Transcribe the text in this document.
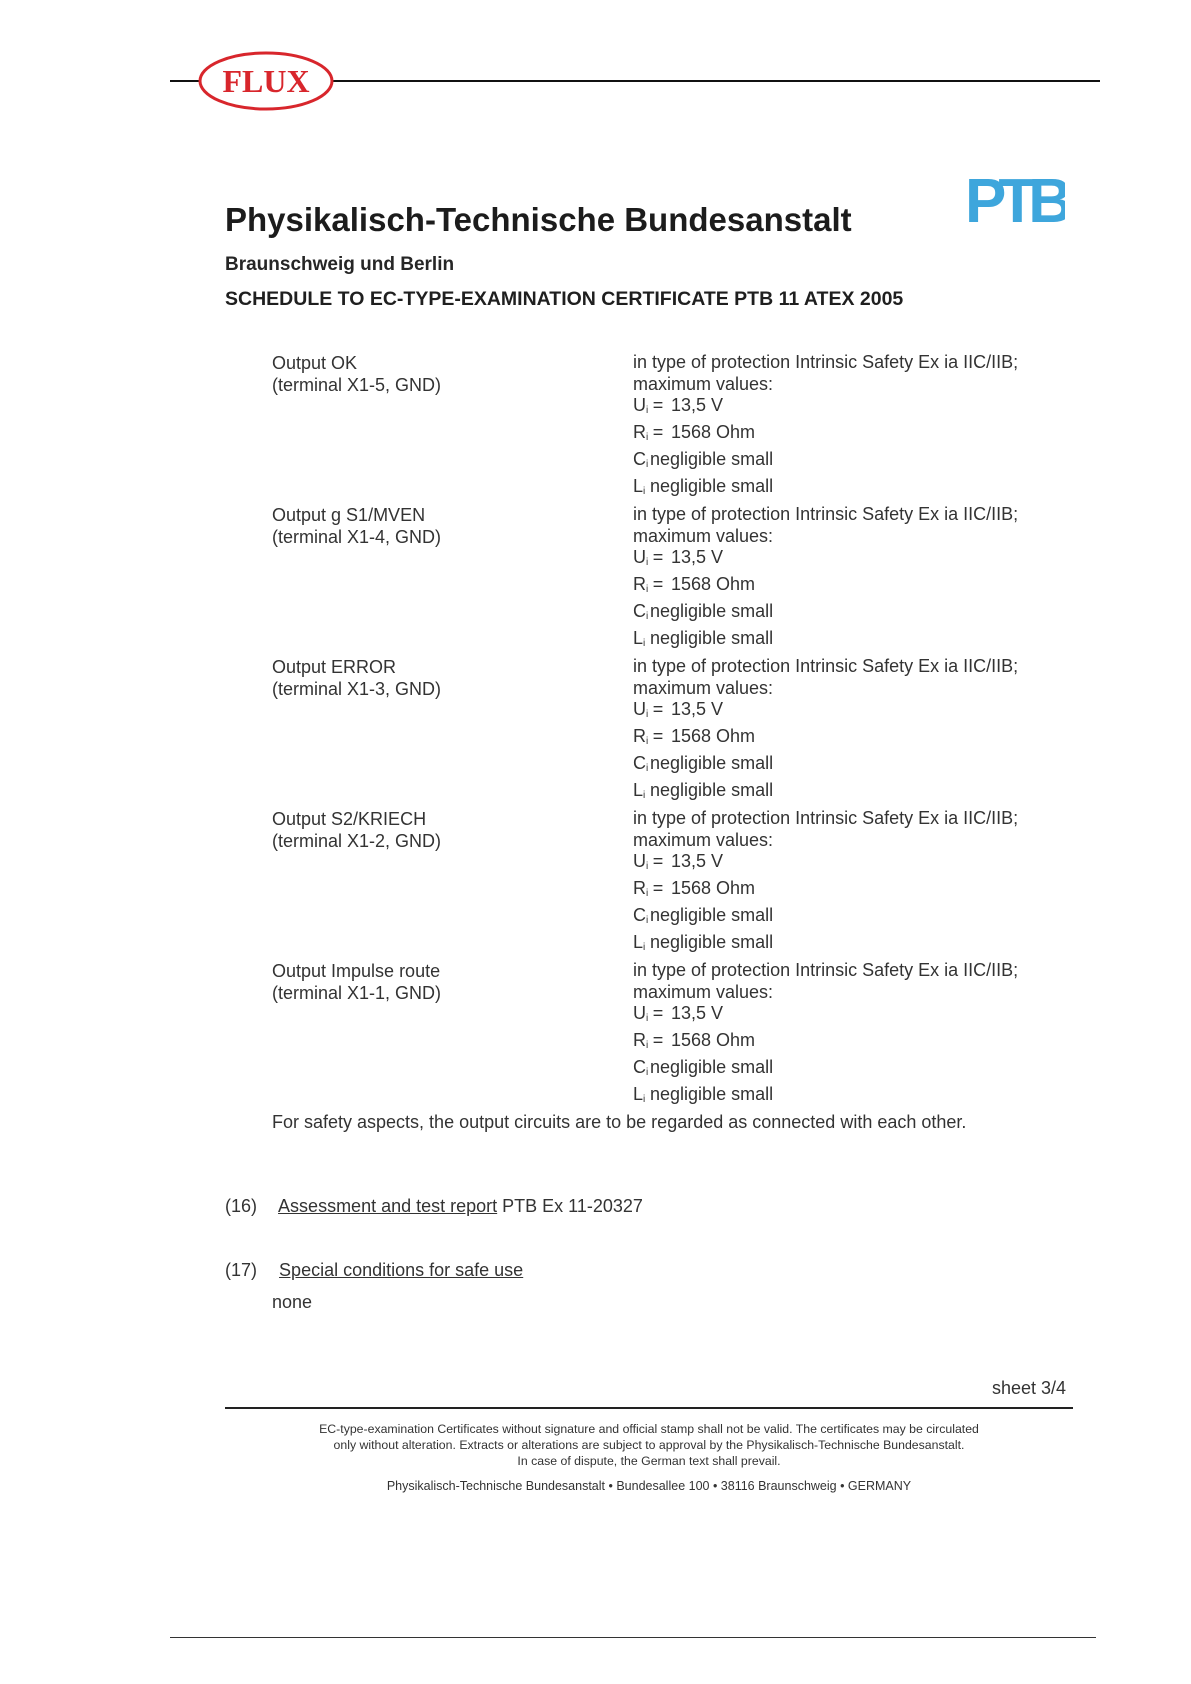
FLUX
Physikalisch-Technische Bundesanstalt
Braunschweig und Berlin
SCHEDULE TO EC-TYPE-EXAMINATION CERTIFICATE PTB 11 ATEX 2005
PTB
Output OK
(terminal X1-5, GND)
in type of protection Intrinsic Safety Ex ia IIC/IIB;
maximum values:
$U_i = 13,5$ V
$R_i = 1568$ Ohm
$C_i$ negligible small
$L_i$ negligible small
Output g S1/MVEN
(terminal X1-4, GND)
in type of protection Intrinsic Safety Ex ia IIC/IIB;
maximum values:
$U_i = 13,5$ V
$R_i = 1568$ Ohm
$C_i$ negligible small
$L_i$ negligible small
Output ERROR
(terminal X1-3, GND)
in type of protection Intrinsic Safety Ex ia IIC/IIB;
maximum values:
$U_i = 13,5$ V
$R_i = 1568$ Ohm
$C_i$ negligible small
$L_i$ negligible small
Output S2/KRIECH
(terminal X1-2, GND)
in type of protection Intrinsic Safety Ex ia IIC/IIB;
maximum values:
$U_i = 13,5$ V
$R_i = 1568$ Ohm
$C_i$ negligible small
$L_i$ negligible small
Output Impulse route
(terminal X1-1, GND)
in type of protection Intrinsic Safety Ex ia IIC/IIB;
maximum values:
$U_i = 13,5$ V
$R_i = 1568$ Ohm
$C_i$ negligible small
$L_i$ negligible small
For safety aspects, the output circuits are to be regarded as connected with each other.
(16) Assessment and test report PTB Ex 11-20327
(17) Special conditions for safe use
none
sheet 3/4
EC-type-examination Certificates without signature and official stamp shall not be valid. The certificates may be circulated
only without alteration. Extracts or alterations are subject to approval by the Physikalisch-Technische Bundesanstalt.
In case of dispute, the German text shall prevail.
Physikalisch-Technische Bundesanstalt • Bundesallee 100 • 38116 Braunschweig • GERMANY
